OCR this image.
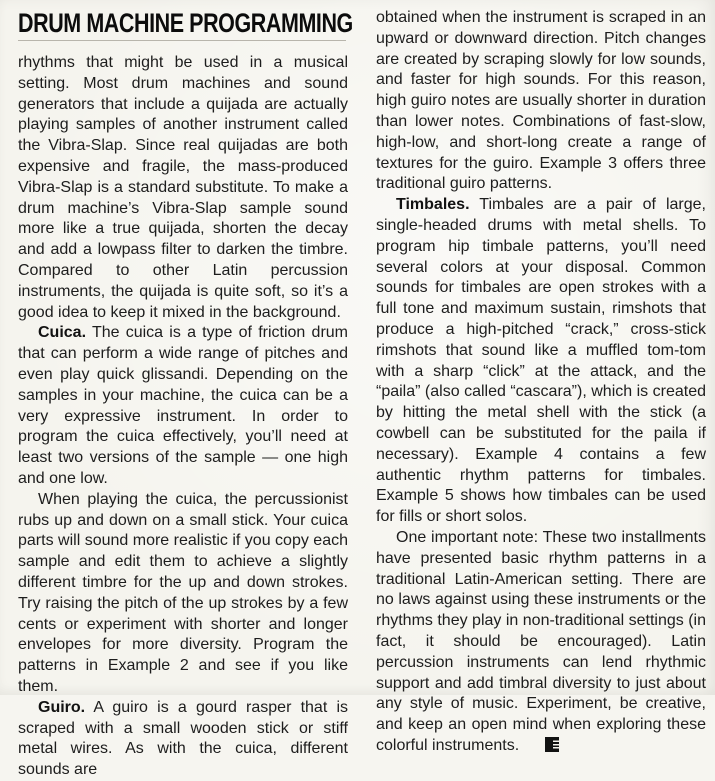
DRUM MACHINE PROGRAMMING

rhythms that might be used in a musical setting. Most drum machines and sound generators that include a quijada are actually playing samples of another instrument called the Vibra-Slap. Since real quijadas are both expensive and fragile, the mass-produced Vibra-Slap is a standard substitute. To make a drum machine’s Vibra-Slap sample sound more like a true quijada, shorten the decay and add a lowpass filter to darken the timbre. Compared to other Latin percussion instruments, the quijada is quite soft, so it’s a good idea to keep it mixed in the background.

Cuica. The cuica is a type of friction drum that can perform a wide range of pitches and even play quick glissandi. Depending on the samples in your machine, the cuica can be a very expressive instrument. In order to program the cuica effectively, you’ll need at least two versions of the sample — one high and one low.

When playing the cuica, the percussionist rubs up and down on a small stick. Your cuica parts will sound more realistic if you copy each sample and edit them to achieve a slightly different timbre for the up and down strokes. Try raising the pitch of the up strokes by a few cents or experiment with shorter and longer envelopes for more diversity. Program the patterns in Example 2 and see if you like them.

Guiro. A guiro is a gourd rasper that is scraped with a small wooden stick or stiff metal wires. As with the cuica, different sounds are

obtained when the instrument is scraped in an upward or downward direction. Pitch changes are created by scraping slowly for low sounds, and faster for high sounds. For this reason, high guiro notes are usually shorter in duration than lower notes. Combinations of fast-slow, high-low, and short-long create a range of textures for the guiro. Example 3 offers three traditional guiro patterns.

Timbales. Timbales are a pair of large, single-headed drums with metal shells. To program hip timbale patterns, you’ll need several colors at your disposal. Common sounds for timbales are open strokes with a full tone and maximum sustain, rimshots that produce a high-pitched “crack,” cross-stick rimshots that sound like a muffled tom-tom with a sharp “click” at the attack, and the “paila” (also called “cascara”), which is created by hitting the metal shell with the stick (a cowbell can be substituted for the paila if necessary). Example 4 contains a few authentic rhythm patterns for timbales. Example 5 shows how timbales can be used for fills or short solos.

One important note: These two installments have presented basic rhythm patterns in a traditional Latin-American setting. There are no laws against using these instruments or the rhythms they play in non-traditional settings (in fact, it should be encouraged). Latin percussion instruments can lend rhythmic support and add timbral diversity to just about any style of music. Experiment, be creative, and keep an open mind when exploring these colorful instruments.
